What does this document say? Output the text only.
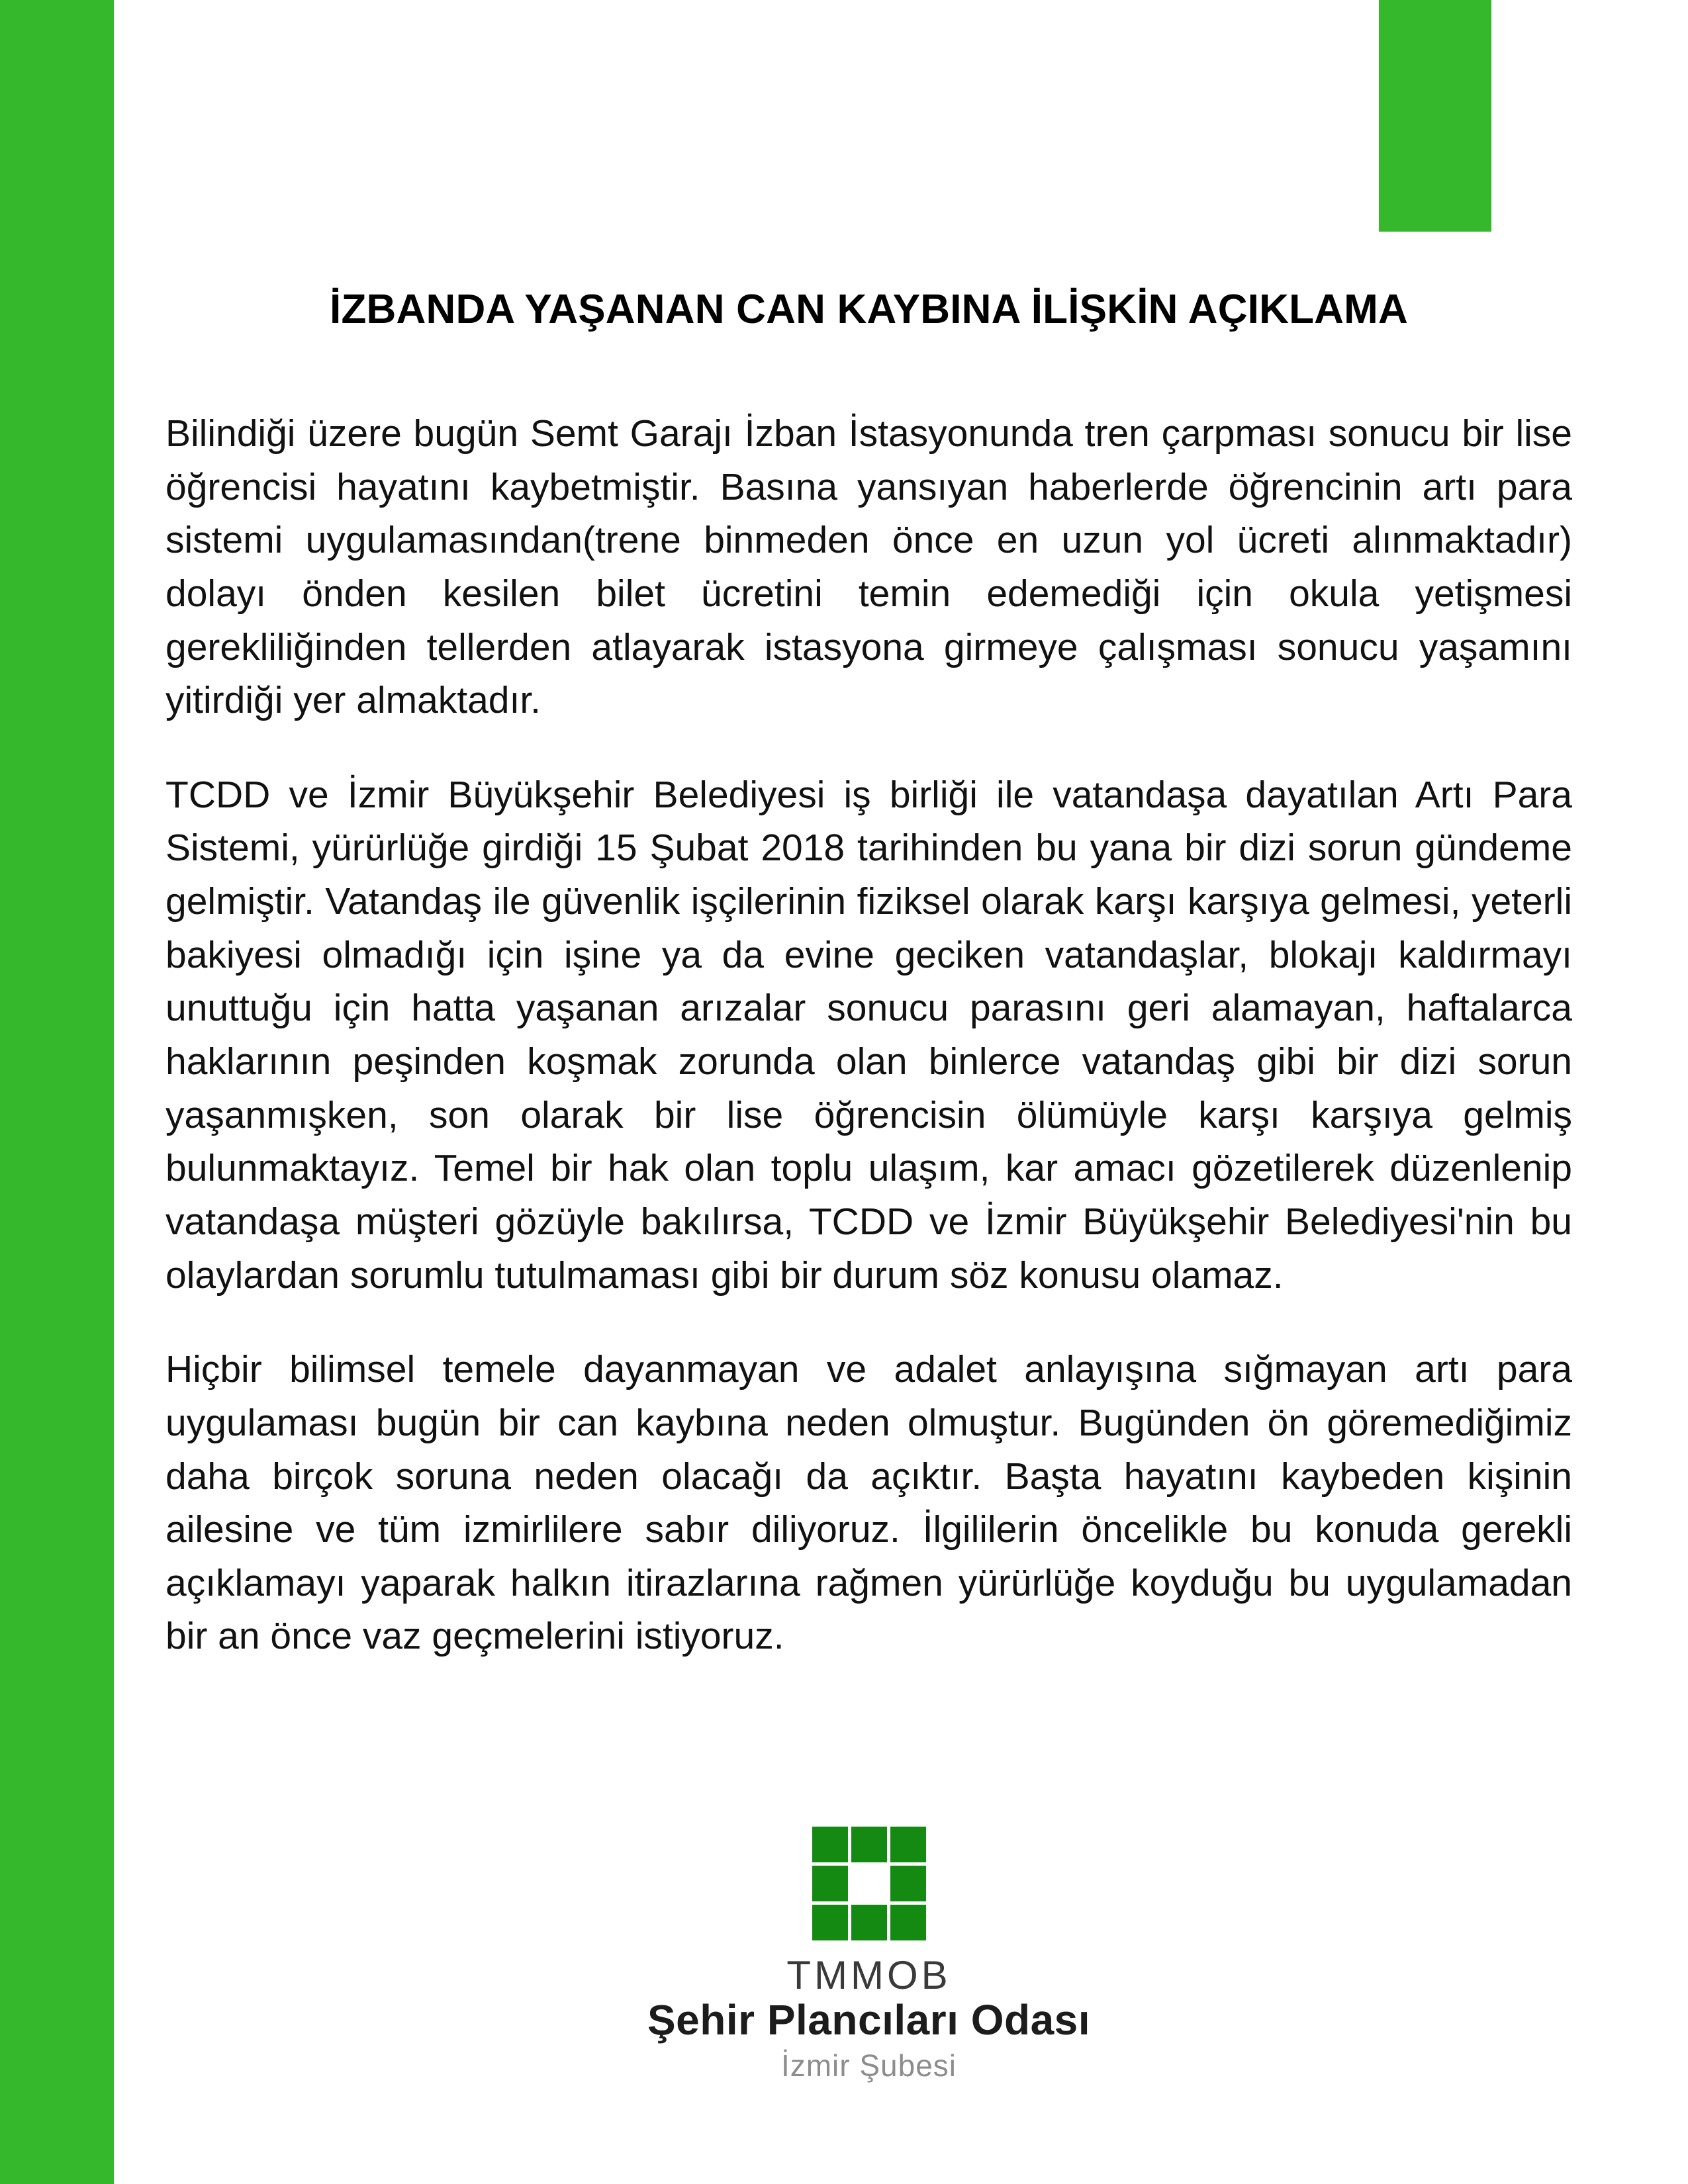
İZBANDA YAŞANAN CAN KAYBINA İLİŞKİN AÇIKLAMA

Bilindiği üzere bugün Semt Garajı İzban İstasyonunda tren çarpması sonucu bir lise öğrencisi hayatını kaybetmiştir. Basına yansıyan haberlerde öğrencinin artı para sistemi uygulamasından(trene binmeden önce en uzun yol ücreti alınmaktadır) dolayı önden kesilen bilet ücretini temin edemediği için okula yetişmesi gerekliliğinden tellerden atlayarak istasyona girmeye çalışması sonucu yaşamını yitirdiği yer almaktadır.

TCDD ve İzmir Büyükşehir Belediyesi iş birliği ile vatandaşa dayatılan Artı Para Sistemi, yürürlüğe girdiği 15 Şubat 2018 tarihinden bu yana bir dizi sorun gündeme gelmiştir. Vatandaş ile güvenlik işçilerinin fiziksel olarak karşı karşıya gelmesi, yeterli bakiyesi olmadığı için işine ya da evine geciken vatandaşlar, blokajı kaldırmayı unuttuğu için hatta yaşanan arızalar sonucu parasını geri alamayan, haftalarca haklarının peşinden koşmak zorunda olan binlerce vatandaş gibi bir dizi sorun yaşanmışken, son olarak bir lise öğrencisin ölümüyle karşı karşıya gelmiş bulunmaktayız. Temel bir hak olan toplu ulaşım, kar amacı gözetilerek düzenlenip vatandaşa müşteri gözüyle bakılırsa, TCDD ve İzmir Büyükşehir Belediyesi'nin bu olaylardan sorumlu tutulmaması gibi bir durum söz konusu olamaz.

Hiçbir bilimsel temele dayanmayan ve adalet anlayışına sığmayan artı para uygulaması bugün bir can kaybına neden olmuştur. Bugünden ön göremediğimiz daha birçok soruna neden olacağı da açıktır. Başta hayatını kaybeden kişinin ailesine ve tüm izmirlilere sabır diliyoruz. İlgililerin öncelikle bu konuda gerekli açıklamayı yaparak halkın itirazlarına rağmen yürürlüğe koyduğu bu uygulamadan bir an önce vaz geçmelerini istiyoruz.

TMMOB
Şehir Plancıları Odası
İzmir Şubesi
